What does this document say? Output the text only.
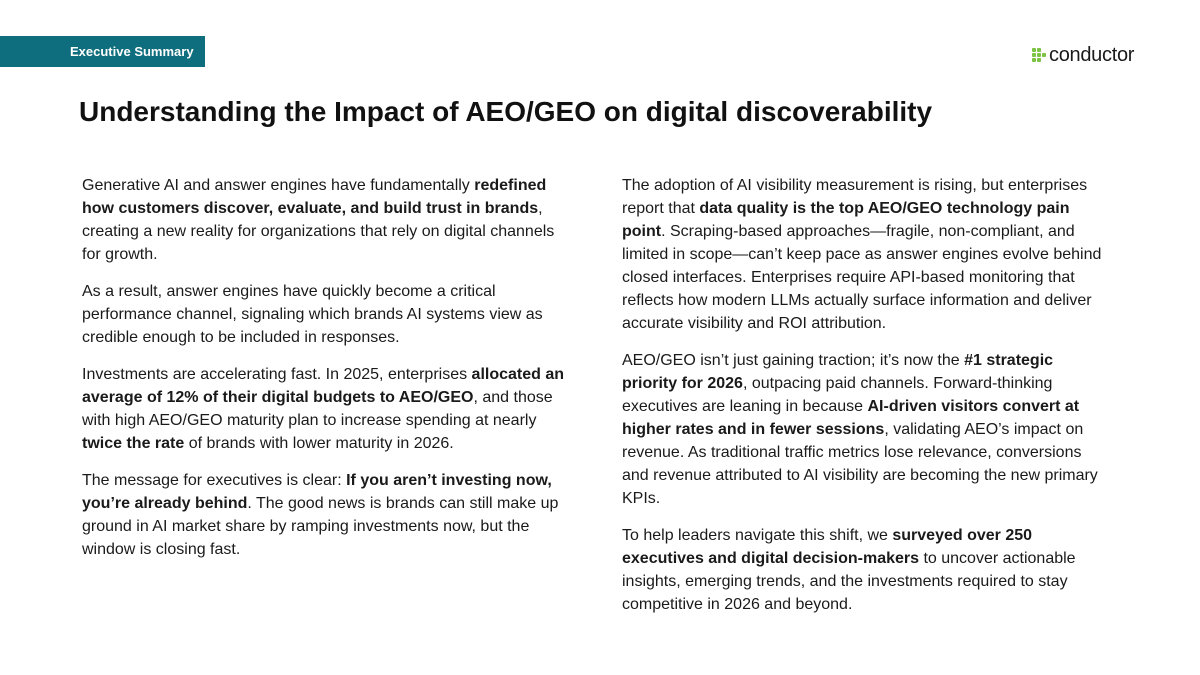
Executive Summary	conductor
Understanding the Impact of AEO/GEO on digital discoverability

Generative AI and answer engines have fundamentally redefined how customers discover, evaluate, and build trust in brands, creating a new reality for organizations that rely on digital channels for growth.

As a result, answer engines have quickly become a critical performance channel, signaling which brands AI systems view as credible enough to be included in responses.

Investments are accelerating fast. In 2025, enterprises allocated an average of 12% of their digital budgets to AEO/GEO, and those with high AEO/GEO maturity plan to increase spending at nearly twice the rate of brands with lower maturity in 2026.

The message for executives is clear: If you aren’t investing now, you’re already behind. The good news is brands can still make up ground in AI market share by ramping investments now, but the window is closing fast.

The adoption of AI visibility measurement is rising, but enterprises report that data quality is the top AEO/GEO technology pain point. Scraping-based approaches—fragile, non-compliant, and limited in scope—can’t keep pace as answer engines evolve behind closed interfaces. Enterprises require API-based monitoring that reflects how modern LLMs actually surface information and deliver accurate visibility and ROI attribution.

AEO/GEO isn’t just gaining traction; it’s now the #1 strategic priority for 2026, outpacing paid channels. Forward-thinking executives are leaning in because AI-driven visitors convert at higher rates and in fewer sessions, validating AEO’s impact on revenue. As traditional traffic metrics lose relevance, conversions and revenue attributed to AI visibility are becoming the new primary KPIs.

To help leaders navigate this shift, we surveyed over 250 executives and digital decision-makers to uncover actionable insights, emerging trends, and the investments required to stay competitive in 2026 and beyond.
